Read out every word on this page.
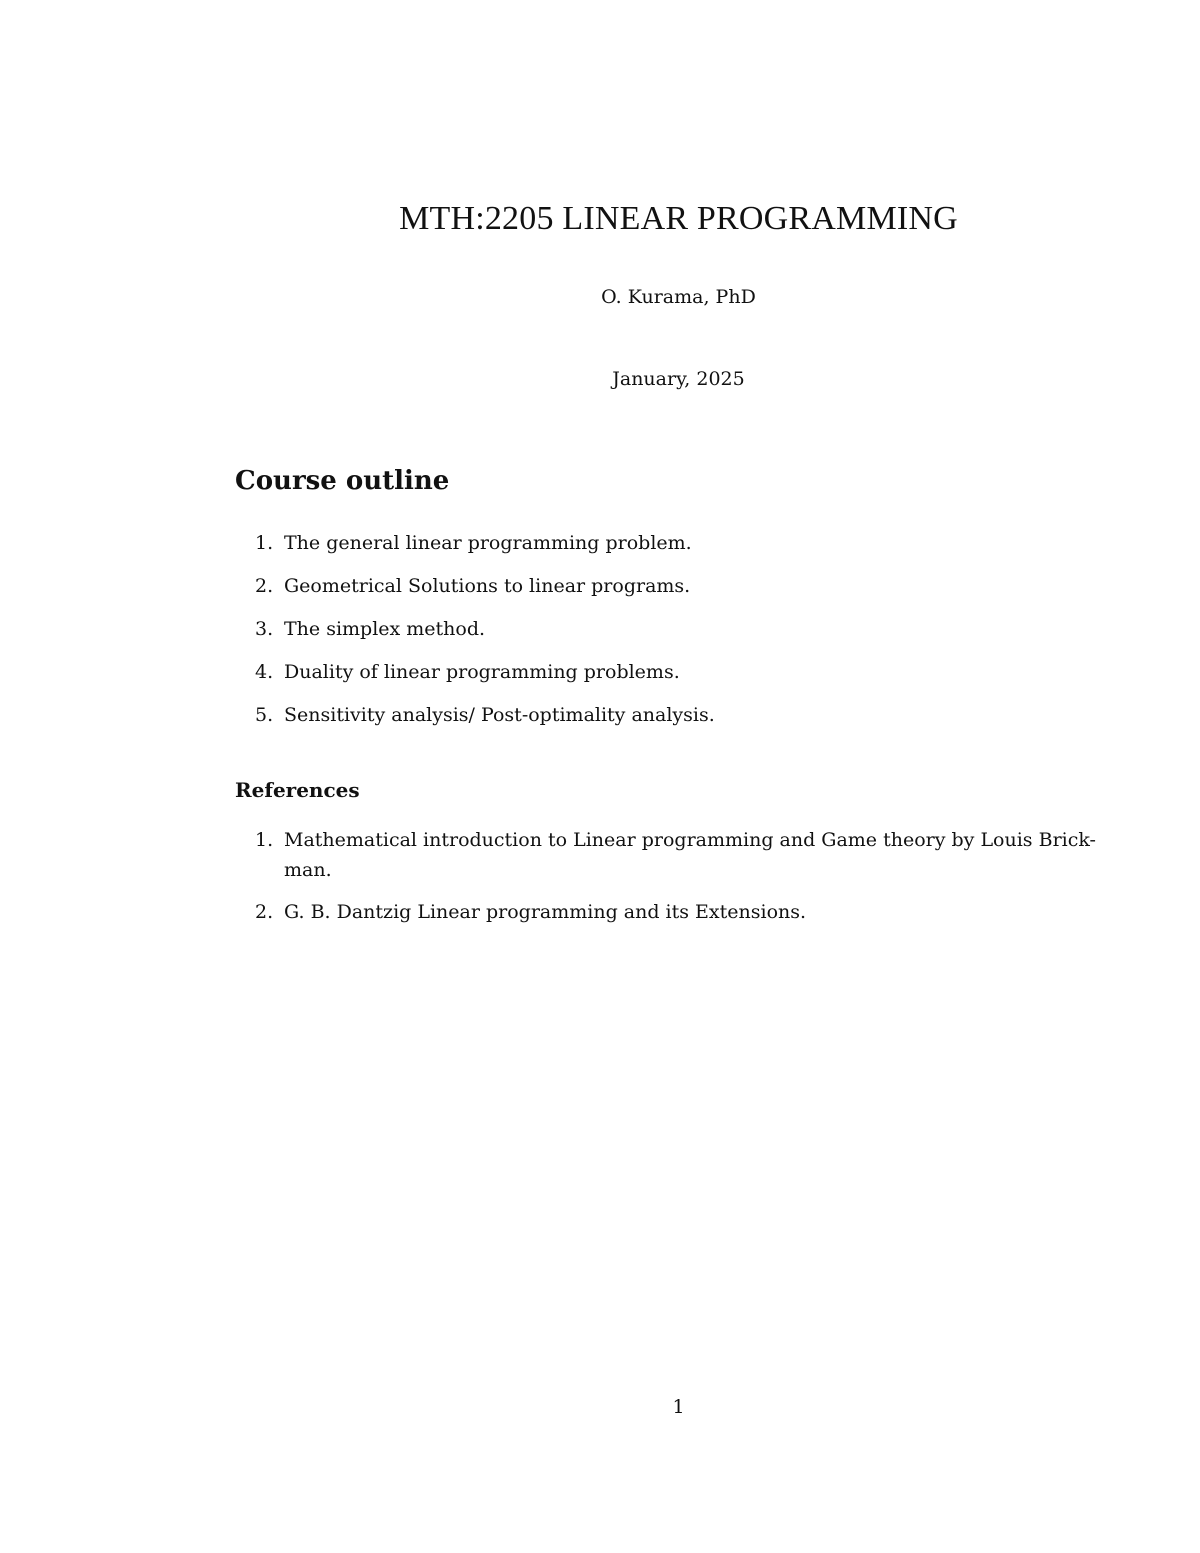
MTH:2205 LINEAR PROGRAMMING
O. Kurama, PhD
January, 2025
Course outline
1. The general linear programming problem.
2. Geometrical Solutions to linear programs.
3. The simplex method.
4. Duality of linear programming problems.
5. Sensitivity analysis/ Post-optimality analysis.
References
1. Mathematical introduction to Linear programming and Game theory by Louis Brick-man.
2. G. B. Dantzig Linear programming and its Extensions.
1
